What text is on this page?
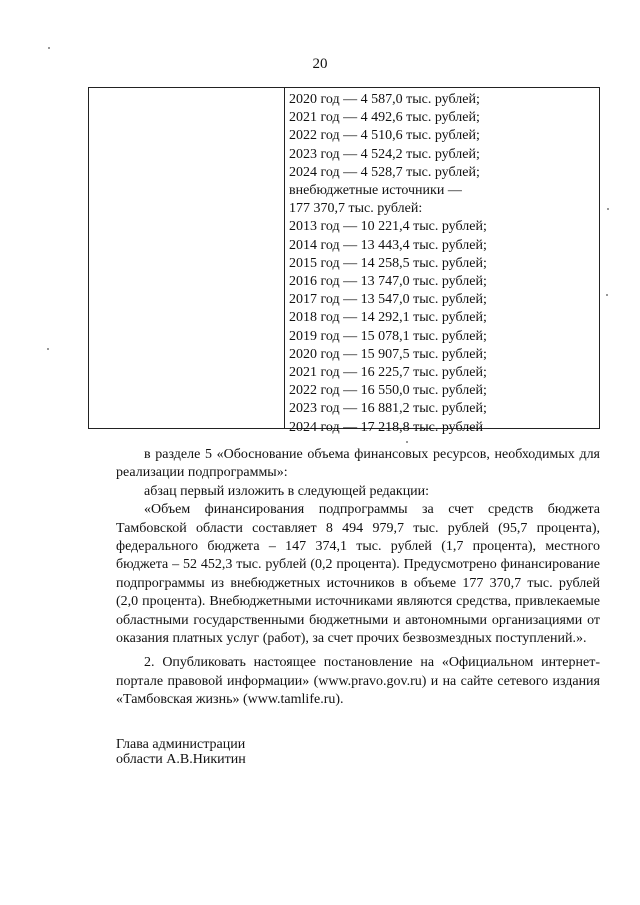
20
2020 год — 4 587,0 тыс. рублей;
2021 год — 4 492,6 тыс. рублей;
2022 год — 4 510,6 тыс. рублей;
2023 год — 4 524,2 тыс. рублей;
2024 год — 4 528,7 тыс. рублей;
внебюджетные источники —
177 370,7 тыс. рублей:
2013 год — 10 221,4 тыс. рублей;
2014 год — 13 443,4 тыс. рублей;
2015 год — 14 258,5 тыс. рублей;
2016 год — 13 747,0 тыс. рублей;
2017 год — 13 547,0 тыс. рублей;
2018 год — 14 292,1 тыс. рублей;
2019 год — 15 078,1 тыс. рублей;
2020 год — 15 907,5 тыс. рублей;
2021 год — 16 225,7 тыс. рублей;
2022 год — 16 550,0 тыс. рублей;
2023 год — 16 881,2 тыс. рублей;
2024 год — 17 218,8 тыс. рублей

в разделе 5 «Обоснование объема финансовых ресурсов, необходимых для реализации подпрограммы»:

абзац первый изложить в следующей редакции:

«Объем финансирования подпрограммы за счет средств бюджета Тамбовской области составляет 8 494 979,7 тыс. рублей (95,7 процента), федерального бюджета – 147 374,1 тыс. рублей (1,7 процента), местного бюджета – 52 452,3 тыс. рублей (0,2 процента). Предусмотрено финансирование подпрограммы из внебюджетных источников в объеме 177 370,7 тыс. рублей (2,0 процента). Внебюджетными источниками являются средства, привлекаемые областными государственными бюджетными и автономными организациями от оказания платных услуг (работ), за счет прочих безвозмездных поступлений.».

2. Опубликовать настоящее постановление на «Официальном интернет-портале правовой информации» (www.pravo.gov.ru) и на сайте сетевого издания «Тамбовская жизнь» (www.tamlife.ru).

Глава администрации
области А.В.Никитин
